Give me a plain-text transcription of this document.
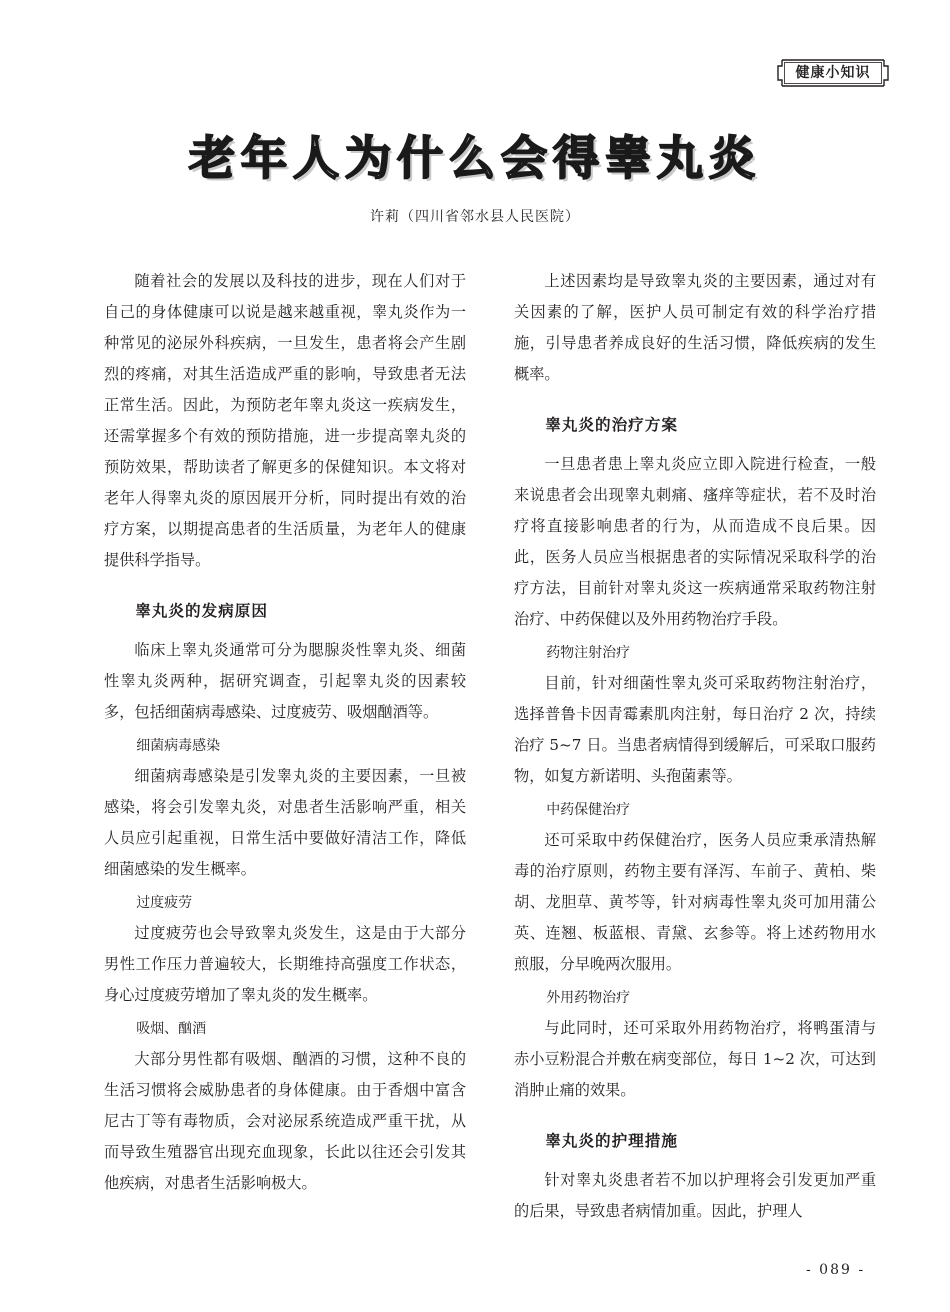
健康小知识
老年人为什么会得睾丸炎
许莉（四川省邻水县人民医院）

随着社会的发展以及科技的进步，现在人们对于自己的身体健康可以说是越来越重视，睾丸炎作为一种常见的泌尿外科疾病，一旦发生，患者将会产生剧烈的疼痛，对其生活造成严重的影响，导致患者无法正常生活。因此，为预防老年睾丸炎这一疾病发生，还需掌握多个有效的预防措施，进一步提高睾丸炎的预防效果，帮助读者了解更多的保健知识。本文将对老年人得睾丸炎的原因展开分析，同时提出有效的治疗方案，以期提高患者的生活质量，为老年人的健康提供科学指导。

睾丸炎的发病原因

临床上睾丸炎通常可分为腮腺炎性睾丸炎、细菌性睾丸炎两种，据研究调查，引起睾丸炎的因素较多，包括细菌病毒感染、过度疲劳、吸烟酗酒等。

细菌病毒感染

细菌病毒感染是引发睾丸炎的主要因素，一旦被感染，将会引发睾丸炎，对患者生活影响严重，相关人员应引起重视，日常生活中要做好清洁工作，降低细菌感染的发生概率。

过度疲劳

过度疲劳也会导致睾丸炎发生，这是由于大部分男性工作压力普遍较大，长期维持高强度工作状态，身心过度疲劳增加了睾丸炎的发生概率。

吸烟、酗酒

大部分男性都有吸烟、酗酒的习惯，这种不良的生活习惯将会威胁患者的身体健康。由于香烟中富含尼古丁等有毒物质，会对泌尿系统造成严重干扰，从而导致生殖器官出现充血现象，长此以往还会引发其他疾病，对患者生活影响极大。

上述因素均是导致睾丸炎的主要因素，通过对有关因素的了解，医护人员可制定有效的科学治疗措施，引导患者养成良好的生活习惯，降低疾病的发生概率。

睾丸炎的治疗方案

一旦患者患上睾丸炎应立即入院进行检查，一般来说患者会出现睾丸刺痛、瘙痒等症状，若不及时治疗将直接影响患者的行为，从而造成不良后果。因此，医务人员应当根据患者的实际情况采取科学的治疗方法，目前针对睾丸炎这一疾病通常采取药物注射治疗、中药保健以及外用药物治疗手段。

药物注射治疗

目前，针对细菌性睾丸炎可采取药物注射治疗，选择普鲁卡因青霉素肌肉注射，每日治疗 2 次，持续治疗 5~7 日。当患者病情得到缓解后，可采取口服药物，如复方新诺明、头孢菌素等。

中药保健治疗

还可采取中药保健治疗，医务人员应秉承清热解毒的治疗原则，药物主要有泽泻、车前子、黄柏、柴胡、龙胆草、黄芩等，针对病毒性睾丸炎可加用蒲公英、连翘、板蓝根、青黛、玄参等。将上述药物用水煎服，分早晚两次服用。

外用药物治疗

与此同时，还可采取外用药物治疗，将鸭蛋清与赤小豆粉混合并敷在病变部位，每日 1~2 次，可达到消肿止痛的效果。

睾丸炎的护理措施

针对睾丸炎患者若不加以护理将会引发更加严重的后果，导致患者病情加重。因此，护理人

- 089 -
